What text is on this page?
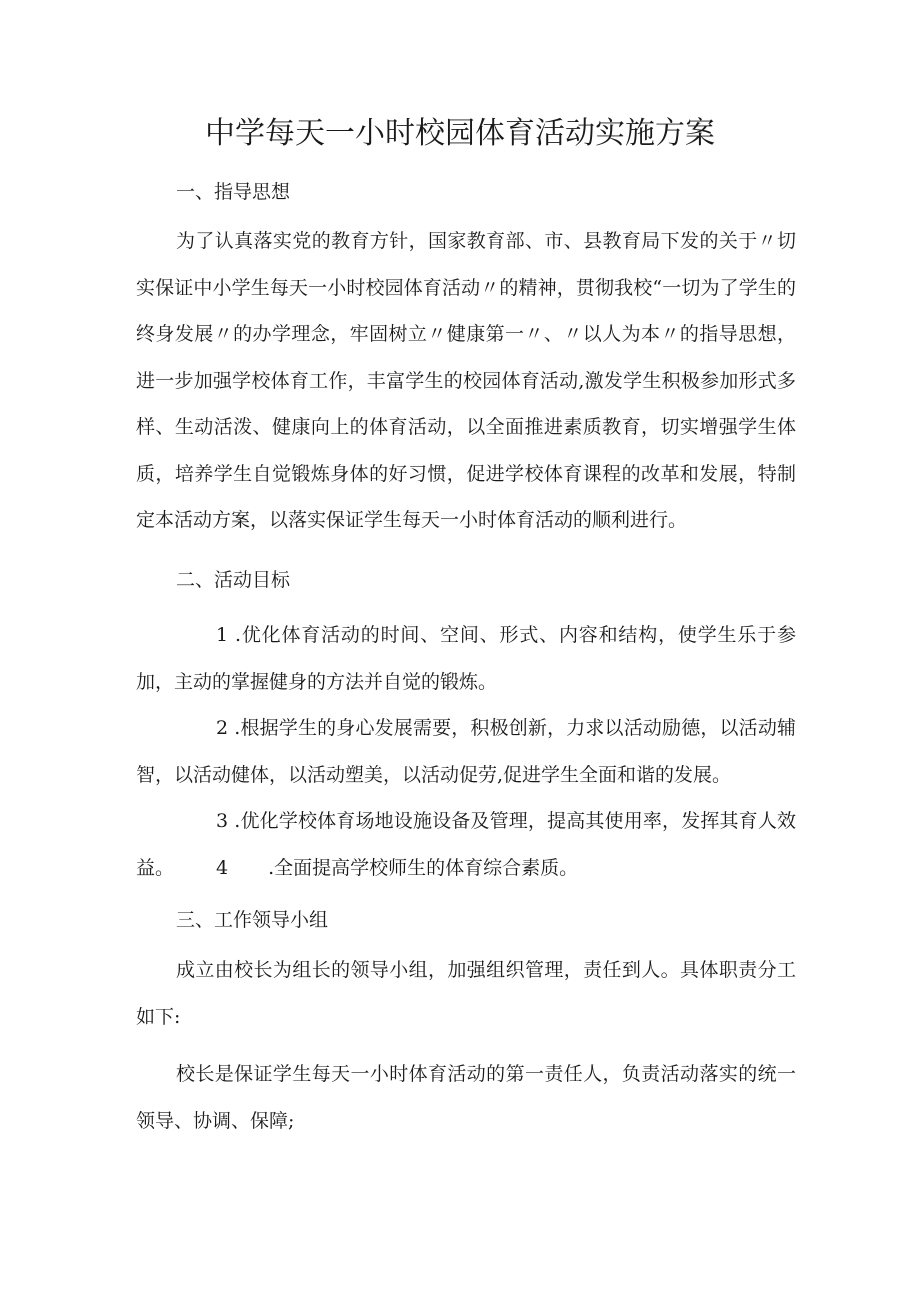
中学每天一小时校园体育活动实施方案

一、指导思想

为了认真落实党的教育方针，国家教育部、市、县教育局下发的关于〃切实保证中小学生每天一小时校园体育活动〃的精神，贯彻我校“一切为了学生的终身发展〃的办学理念，牢固树立〃健康第一〃、〃以人为本〃的指导思想，进一步加强学校体育工作，丰富学生的校园体育活动,激发学生积极参加形式多样、生动活泼、健康向上的体育活动，以全面推进素质教育，切实增强学生体质，培养学生自觉锻炼身体的好习惯，促进学校体育课程的改革和发展，特制定本活动方案，以落实保证学生每天一小时体育活动的顺利进行。

二、活动目标

1 .优化体育活动的时间、空间、形式、内容和结构，使学生乐于参加，主动的掌握健身的方法并自觉的锻炼。

2 .根据学生的身心发展需要，积极创新，力求以活动励德，以活动辅智，以活动健体，以活动塑美，以活动促劳,促进学生全面和谐的发展。

3 .优化学校体育场地设施设备及管理，提高其使用率，发挥其育人效益。	4 .全面提高学校师生的体育综合素质。

三、工作领导小组

成立由校长为组长的领导小组，加强组织管理，责任到人。具体职责分工如下:

校长是保证学生每天一小时体育活动的第一责任人，负责活动落实的统一领导、协调、保障;
